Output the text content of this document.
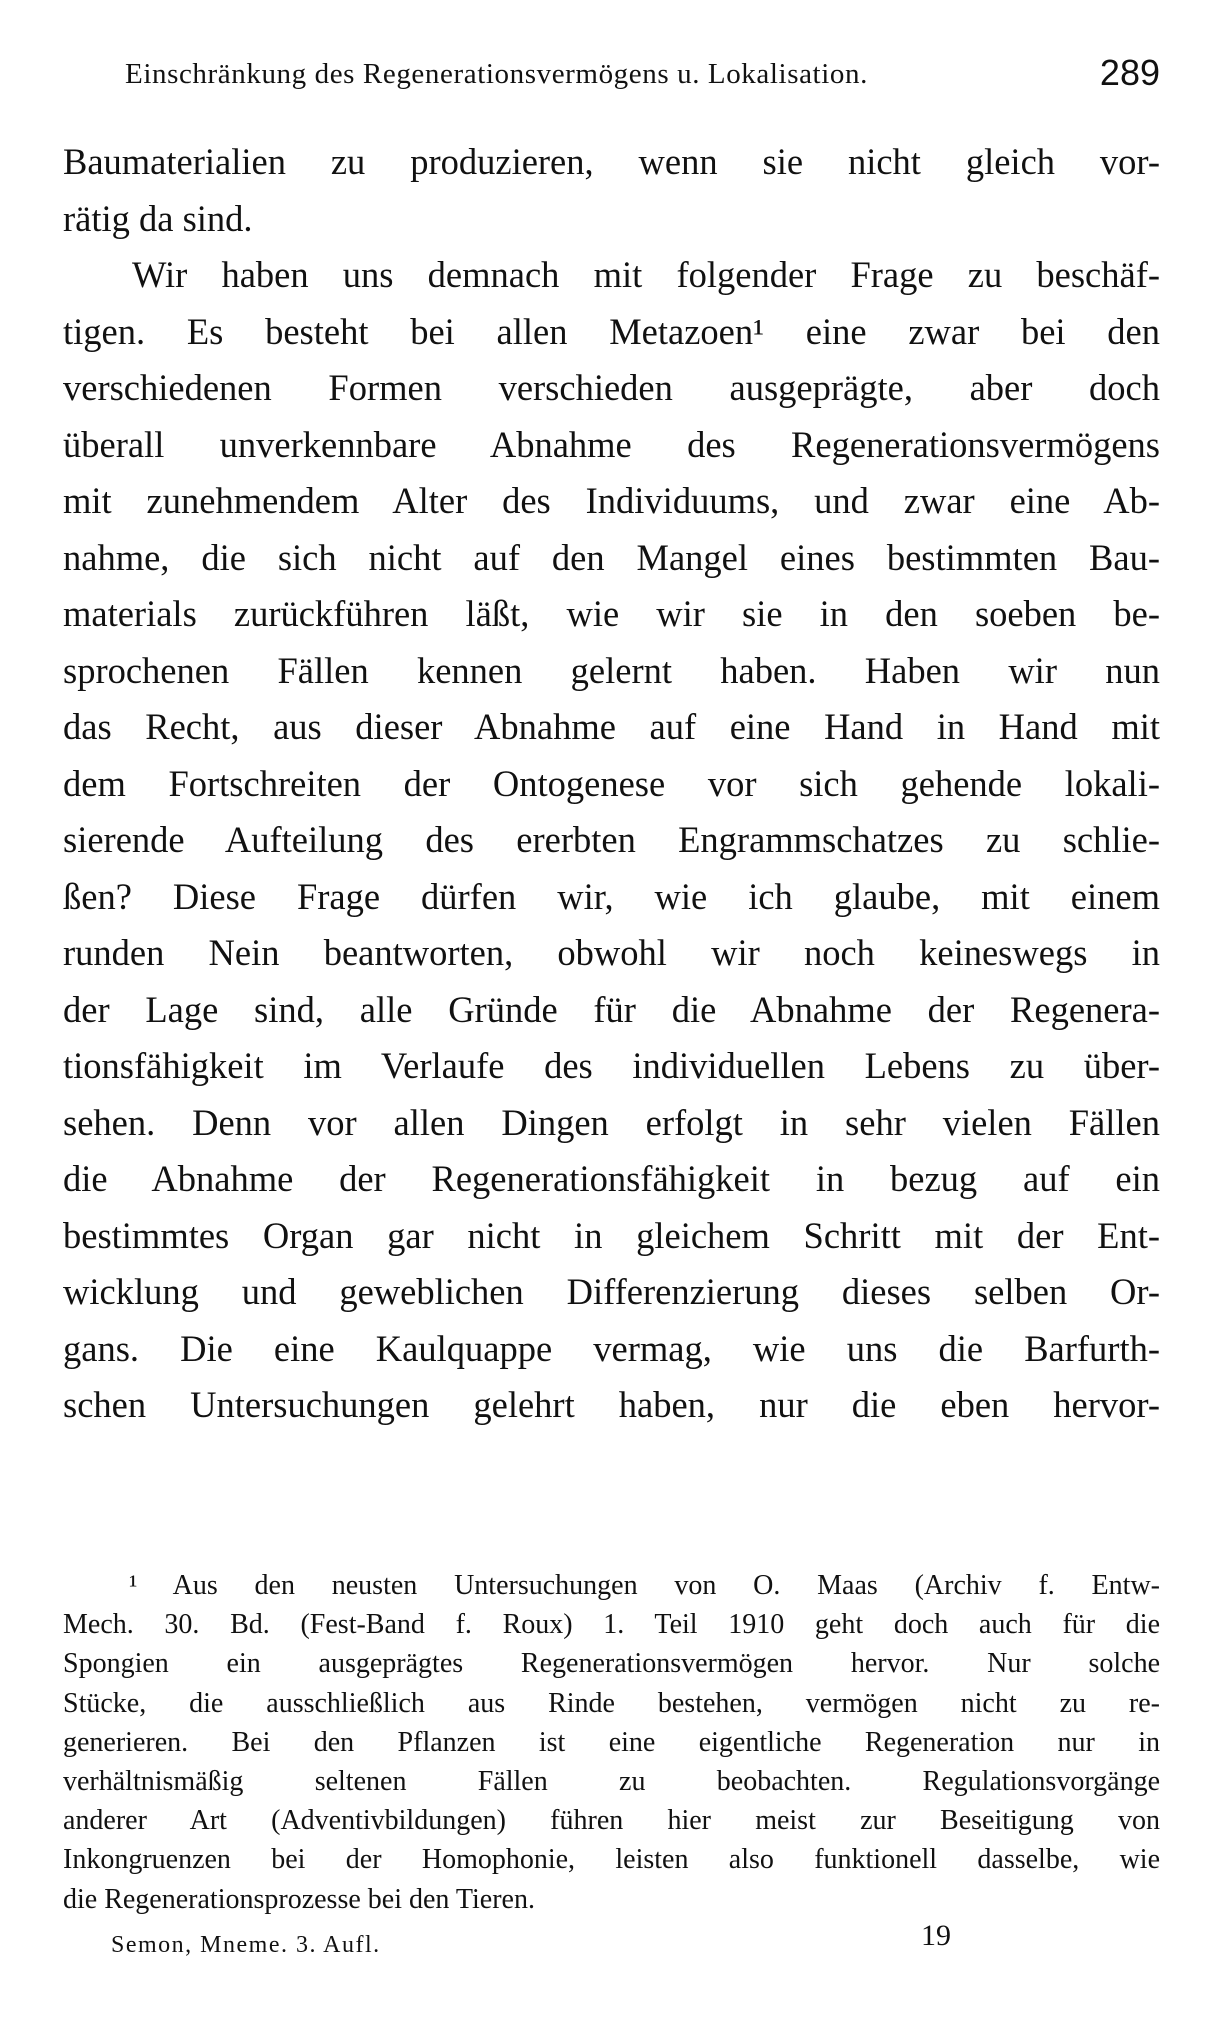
Einschränkung des Regenerationsvermögens u. Lokalisation.	289
Baumaterialien zu produzieren, wenn sie nicht gleich vor-
rätig da sind.
Wir haben uns demnach mit folgender Frage zu beschäf-
tigen. Es besteht bei allen Metazoen¹ eine zwar bei den
verschiedenen Formen verschieden ausgeprägte, aber doch
überall unverkennbare Abnahme des Regenerationsvermögens
mit zunehmendem Alter des Individuums, und zwar eine Ab-
nahme, die sich nicht auf den Mangel eines bestimmten Bau-
materials zurückführen läßt, wie wir sie in den soeben be-
sprochenen Fällen kennen gelernt haben. Haben wir nun
das Recht, aus dieser Abnahme auf eine Hand in Hand mit
dem Fortschreiten der Ontogenese vor sich gehende lokali-
sierende Aufteilung des ererbten Engrammschatzes zu schlie-
ßen? Diese Frage dürfen wir, wie ich glaube, mit einem
runden Nein beantworten, obwohl wir noch keineswegs in
der Lage sind, alle Gründe für die Abnahme der Regenera-
tionsfähigkeit im Verlaufe des individuellen Lebens zu über-
sehen. Denn vor allen Dingen erfolgt in sehr vielen Fällen
die Abnahme der Regenerationsfähigkeit in bezug auf ein
bestimmtes Organ gar nicht in gleichem Schritt mit der Ent-
wicklung und geweblichen Differenzierung dieses selben Or-
gans. Die eine Kaulquappe vermag, wie uns die Barfurth-
schen Untersuchungen gelehrt haben, nur die eben hervor-
¹ Aus den neusten Untersuchungen von O. Maas (Archiv f. Entw-
Mech. 30. Bd. (Fest-Band f. Roux) 1. Teil 1910 geht doch auch für die
Spongien ein ausgeprägtes Regenerationsvermögen hervor. Nur solche
Stücke, die ausschließlich aus Rinde bestehen, vermögen nicht zu re-
generieren. Bei den Pflanzen ist eine eigentliche Regeneration nur in
verhältnismäßig seltenen Fällen zu beobachten. Regulationsvorgänge
anderer Art (Adventivbildungen) führen hier meist zur Beseitigung von
Inkongruenzen bei der Homophonie, leisten also funktionell dasselbe, wie
die Regenerationsprozesse bei den Tieren.
Semon, Mneme. 3. Aufl.	19
